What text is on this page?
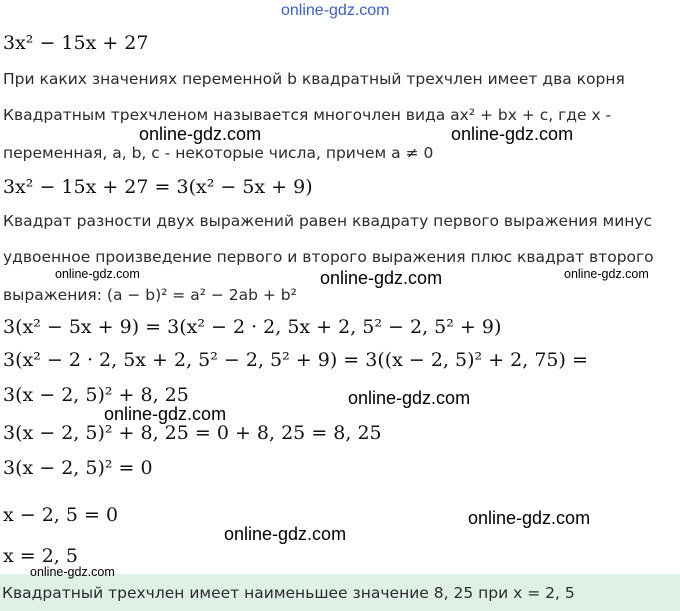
online-gdz.com
3x² − 15x + 27
При каких значениях переменной b квадратный трехчлен имеет два корня
Квадратным трехчленом называется многочлен вида ax² + bx + c, где x -
переменная, a, b, c - некоторые числа, причем a ≠ 0
3x² − 15x + 27 = 3(x² − 5x + 9)
Квадрат разности двух выражений равен квадрату первого выражения минус
удвоенное произведение первого и второго выражения плюс квадрат второго
выражения: (a − b)² = a² − 2ab + b²
3(x² − 5x + 9) = 3(x² − 2 · 2, 5x + 2, 5² − 2, 5² + 9)
3(x² − 2 · 2, 5x + 2, 5² − 2, 5² + 9) = 3((x − 2, 5)² + 2, 75) =
3(x − 2, 5)² + 8, 25
3(x − 2, 5)² + 8, 25 = 0 + 8, 25 = 8, 25
3(x − 2, 5)² = 0
x − 2, 5 = 0
x = 2, 5
Квадратный трехчлен имеет наименьшее значение 8, 25 при x = 2, 5
online-gdz.com	online-gdz.com
online-gdz.com	online-gdz.com	online-gdz.com
online-gdz.com
online-gdz.com
online-gdz.com
online-gdz.com
online-gdz.com
